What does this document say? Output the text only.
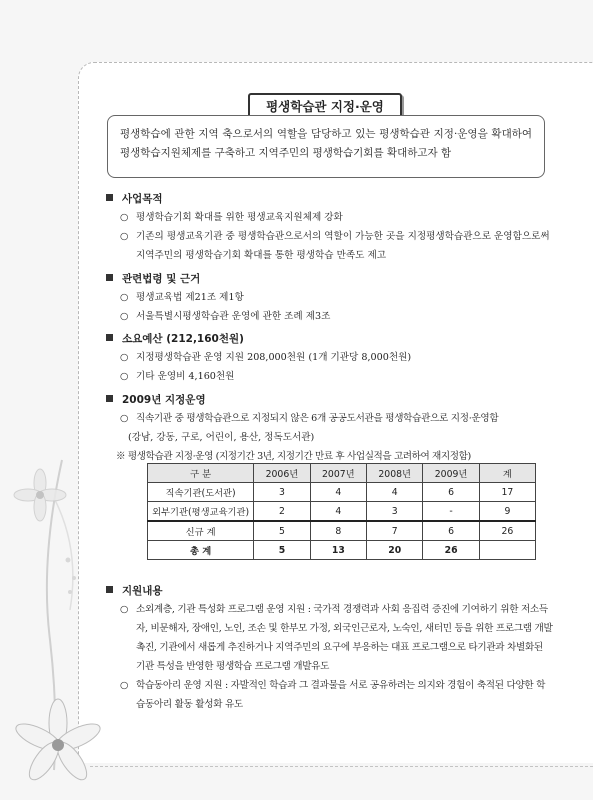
평생학습관 지정·운영
평생학습에 관한 지역 축으로서의 역할을 담당하고 있는 평생학습관 지정·운영을 확대하여 평생학습지원체제를 구축하고 지역주민의 평생학습기회를 확대하고자 함
사업목적
○ 평생학습기회 확대를 위한 평생교육지원체제 강화
○ 기존의 평생교육기관 중 평생학습관으로서의 역할이 가능한 곳을 지정평생학습관으로 운영함으로써 지역주민의 평생학습기회 확대를 통한 평생학습 만족도 제고
관련법령 및 근거
○ 평생교육법 제21조 제1항
○ 서울특별시평생학습관 운영에 관한 조례 제3조
소요예산 (212,160천원)
○ 지정평생학습관 운영 지원 208,000천원 (1개 기관당 8,000천원)
○ 기타 운영비 4,160천원
2009년 지정운영
○ 직속기관 중 평생학습관으로 지정되지 않은 6개 공공도서관을 평생학습관으로 지정·운영함
(강남, 강동, 구로, 어린이, 용산, 정독도서관)
※ 평생학습관 지정·운영 (지정기간 3년, 지정기간 만료 후 사업실적을 고려하여 재지정함)
구 분	2006년	2007년	2008년	2009년	계
직속기관(도서관)	3	4	4	6	17
외부기관(평생교육기관)	2	4	3	-	9
신규 계	5	8	7	6	26
총 계	5	13	20	26	
지원내용
○ 소외계층, 기관 특성화 프로그램 운영 지원 : 국가적 경쟁력과 사회 응집력 증진에 기여하기 위한 저소득자, 비문해자, 장애인, 노인, 조손 및 한부모 가정, 외국인근로자, 노숙인, 새터민 등을 위한 프로그램 개발 촉진, 기관에서 새롭게 추진하거나 지역주민의 요구에 부응하는 대표 프로그램으로 타기관과 차별화된 기관 특성을 반영한 평생학습 프로그램 개발유도
○ 학습동아리 운영 지원 : 자발적인 학습과 그 결과물을 서로 공유하려는 의지와 경험이 축적된 다양한 학습동아리 활동 활성화 유도
